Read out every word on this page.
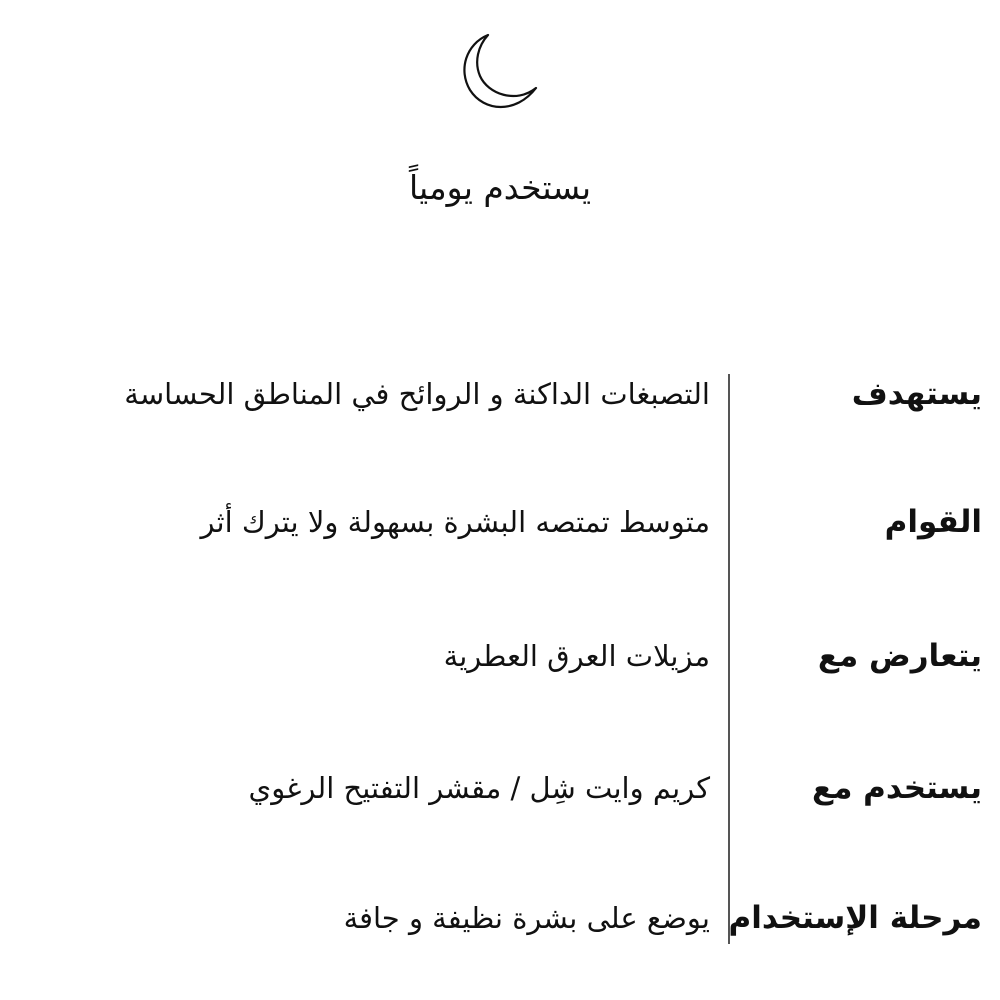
يستخدم يومياً
يستهدف
التصبغات الداكنة و الروائح في المناطق الحساسة
القوام
متوسط تمتصه البشرة بسهولة ولا يترك أثر
يتعارض مع
مزيلات العرق العطرية
يستخدم مع
كريم وايت شِل / مقشر التفتيح الرغوي
مرحلة الإستخدام
يوضع على بشرة نظيفة و جافة
